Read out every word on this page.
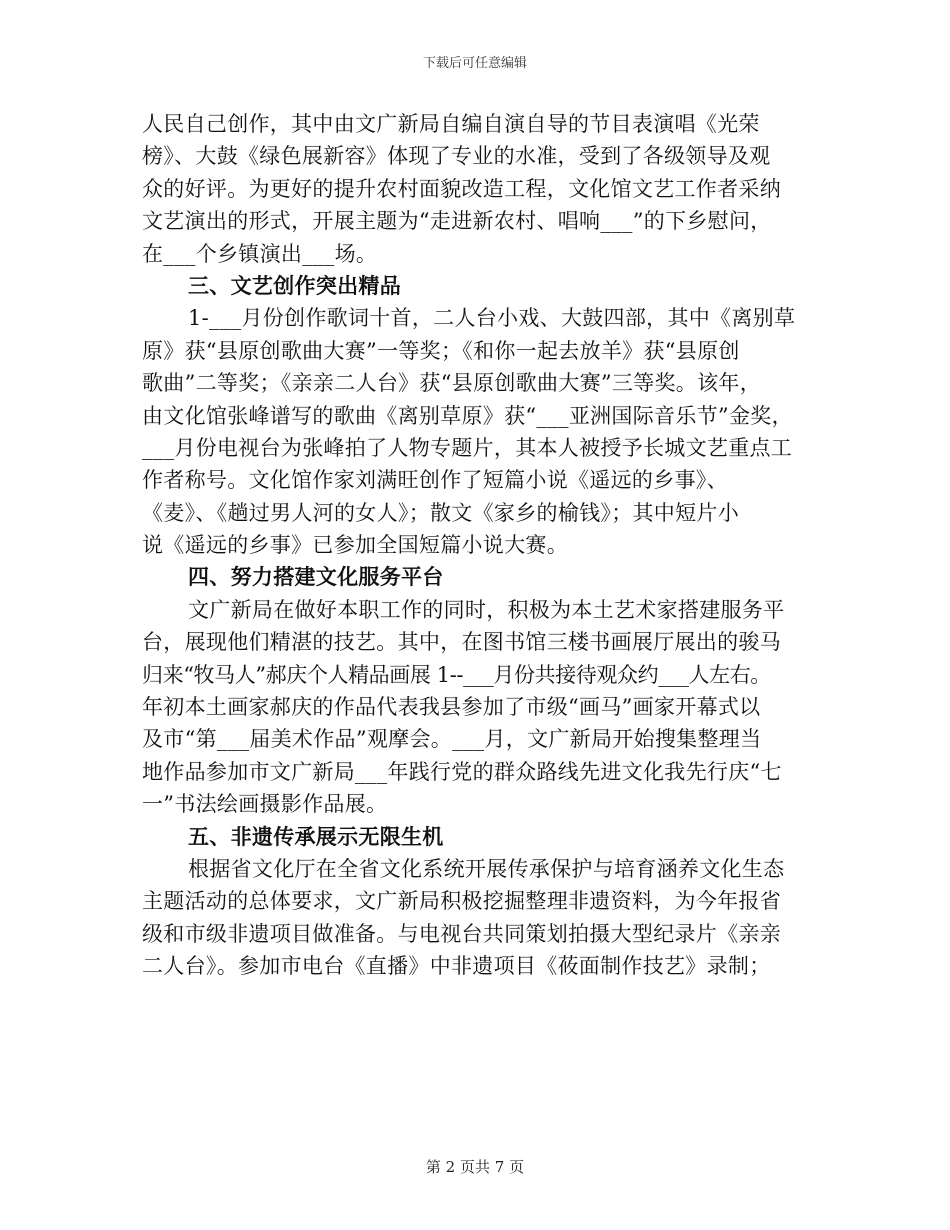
下载后可任意编辑
人民自己创作，其中由文广新局自编自演自导的节目表演唱《光荣
榜》、大鼓《绿色展新容》体现了专业的水准，受到了各级领导及观
众的好评。为更好的提升农村面貌改造工程，文化馆文艺工作者采纳
文艺演出的形式，开展主题为“走进新农村、唱响___”的下乡慰问，
在___个乡镇演出___场。
三、文艺创作突出精品
1-___月份创作歌词十首，二人台小戏、大鼓四部，其中《离别草
原》获“县原创歌曲大赛”一等奖；《和你一起去放羊》获“县原创
歌曲”二等奖；《亲亲二人台》获“县原创歌曲大赛”三等奖。该年，
由文化馆张峰谱写的歌曲《离别草原》获“___亚洲国际音乐节”金奖，
___月份电视台为张峰拍了人物专题片，其本人被授予长城文艺重点工
作者称号。文化馆作家刘满旺创作了短篇小说《遥远的乡事》、
《麦》、《趟过男人河的女人》；散文《家乡的榆钱》；其中短片小
说《遥远的乡事》已参加全国短篇小说大赛。
四、努力搭建文化服务平台
文广新局在做好本职工作的同时，积极为本土艺术家搭建服务平
台，展现他们精湛的技艺。其中，在图书馆三楼书画展厅展出的骏马
归来“牧马人”郝庆个人精品画展 1--___月份共接待观众约___人左右。
年初本土画家郝庆的作品代表我县参加了市级“画马”画家开幕式以
及市“第___届美术作品”观摩会。___月，文广新局开始搜集整理当
地作品参加市文广新局___年践行党的群众路线先进文化我先行庆“七
一”书法绘画摄影作品展。
五、非遗传承展示无限生机
根据省文化厅在全省文化系统开展传承保护与培育涵养文化生态
主题活动的总体要求，文广新局积极挖掘整理非遗资料，为今年报省
级和市级非遗项目做准备。与电视台共同策划拍摄大型纪录片《亲亲
二人台》。参加市电台《直播》中非遗项目《莜面制作技艺》录制；
第 2 页共 7 页
